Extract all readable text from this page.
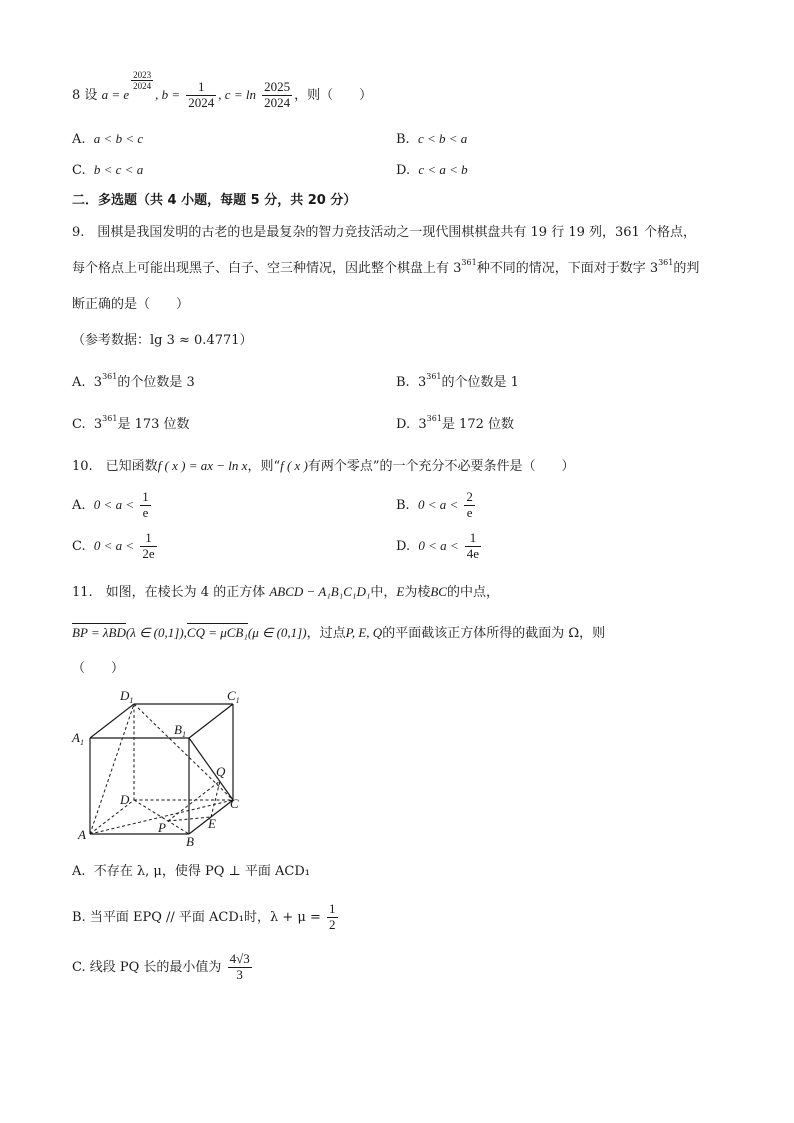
8 设 a = e
$\frac{2023}{2024}$
, $b = \frac{1}{2024}$ , $c = \ln \frac{2025}{2024}$ ，则（　　）
A. a < b < c	B. c < b < a
C. b < c < a	D. c < a < b
二．多选题（共 4 小题，每题 5 分，共 20 分）
9.　围棋是我国发明的古老的也是最复杂的智力竞技活动之一现代围棋棋盘共有 19 行 19 列，361 个格点，
每个格点上可能出现黑子、白子、空三种情况，因此整个棋盘上有 $3^{361}$种不同的情况，下面对于数字 $3^{361}$的判
断正确的是（　　）
（参考数据：lg 3 ≈ 0.4771）
A. $3^{361}$的个位数是 3	B. $3^{361}$的个位数是 1
C. $3^{361}$是 173 位数	D. $3^{361}$是 172 位数
10.　已知函数f ( x ) = ax − ln x，则“f ( x )有两个零点”的一个充分不必要条件是（　　）
A. $0 < a < \frac{1}{e}$	B. $0 < a < \frac{2}{e}$
C. $0 < a < \frac{1}{2e}$	D. $0 < a < \frac{1}{4e}$
11.　如图，在棱长为 4 的正方体 ABCD − A₁B₁C₁D₁中，E为棱BC的中点，
BP = λBD(λ ∈ (0,1]),CQ = μCB₁(μ ∈ (0,1])，过点P, E, Q的平面截该正方体所得的截面为 Ω，则
（　　）
$D_1$	$C_1$
$A_1$
$B_1$
Q
D	C
A	P	E
B
A. 不存在 λ, μ，使得 PQ ⊥ 平面 ACD₁
B. 当平面 EPQ // 平面 ACD₁时，$\lambda + \mu = \frac{1}{2}$
C. 线段 PQ 长的最小值为 $\frac{4√3}{3}$
